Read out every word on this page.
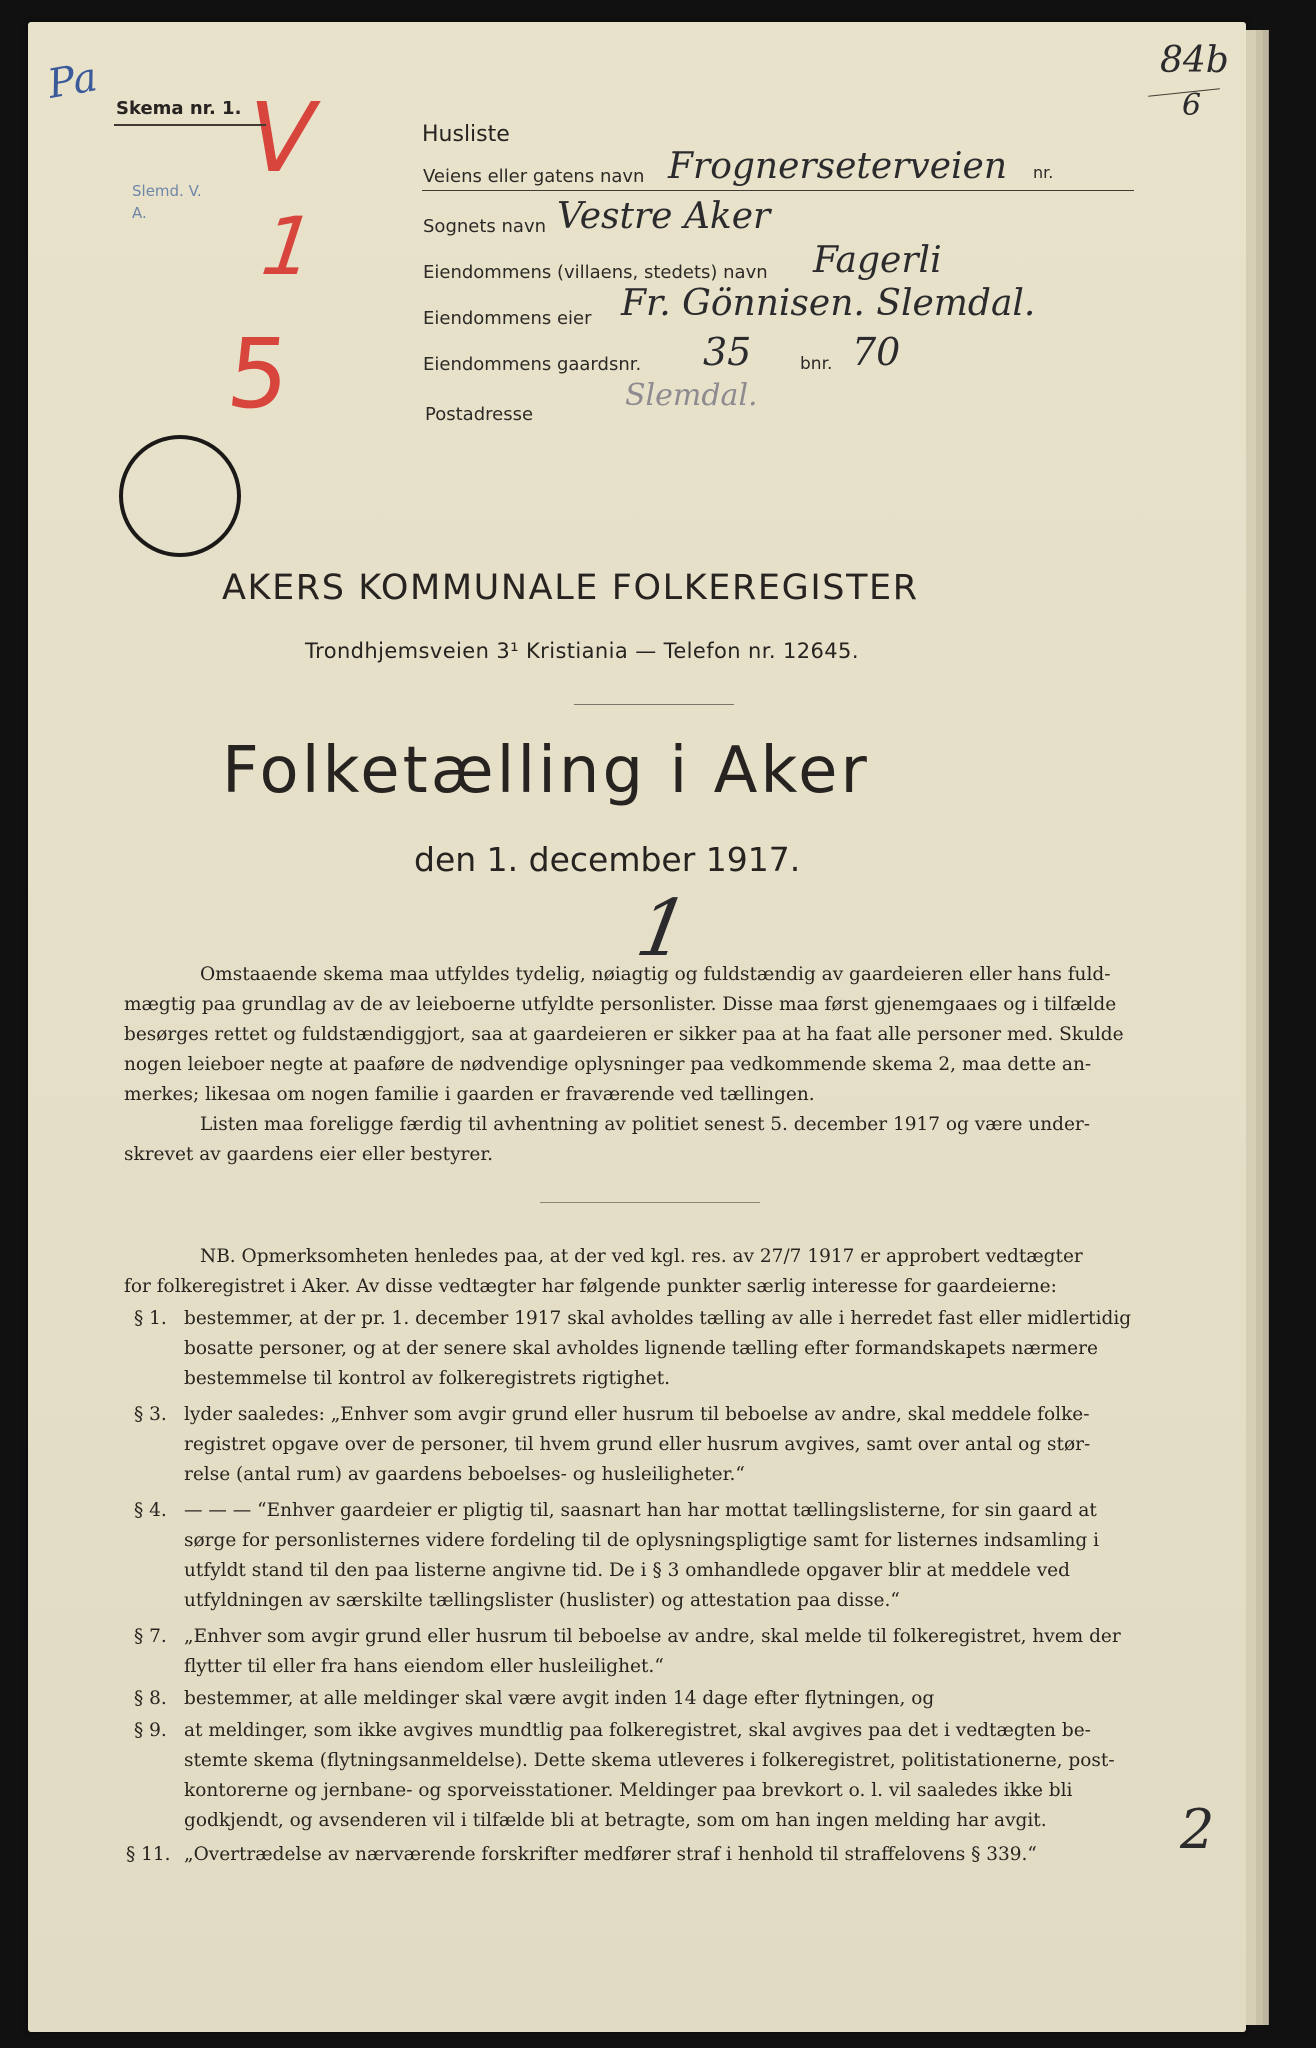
Pa
Slemd. V. A.
V
1
5
84b
6
Skema nr. 1.
Husliste
Veiens eller gatens navn Frognerseterveien nr.
Sognets navn Vestre Aker
Eiendommens (villaens, stedets) navn Fagerli
Eiendommens eier Fr. Gönnisen. Slemdal.
Eiendommens gaardsnr. 35	bnr. 70
Postadresse
Slemdal.
AKERS KOMMUNALE FOLKEREGISTER
Trondhjemsveien 3¹ Kristiania — Telefon nr. 12645.
Folketælling i Aker
den 1. december 1917.
1
Omstaaende skema maa utfyldes tydelig, nøiagtig og fuldstændig av gaardeieren eller hans fuld-
mægtig paa grundlag av de av leieboerne utfyldte personlister. Disse maa først gjenemgaaes og i tilfælde
besørges rettet og fuldstændiggjort, saa at gaardeieren er sikker paa at ha faat alle personer med. Skulde
nogen leieboer negte at paaføre de nødvendige oplysninger paa vedkommende skema 2, maa dette an-
merkes; likesaa om nogen familie i gaarden er fraværende ved tællingen.
Listen maa foreligge færdig til avhentning av politiet senest 5. december 1917 og være under-
skrevet av gaardens eier eller bestyrer.
NB. Opmerksomheten henledes paa, at der ved kgl. res. av 27/7 1917 er approbert vedtægter
for folkeregistret i Aker. Av disse vedtægter har følgende punkter særlig interesse for gaardeierne:
§ 1. bestemmer, at der pr. 1. december 1917 skal avholdes tælling av alle i herredet fast eller midlertidig
bosatte personer, og at der senere skal avholdes lignende tælling efter formandskapets nærmere
bestemmelse til kontrol av folkeregistrets rigtighet.
§ 3. lyder saaledes: „Enhver som avgir grund eller husrum til beboelse av andre, skal meddele folke-
registret opgave over de personer, til hvem grund eller husrum avgives, samt over antal og stør-
relse (antal rum) av gaardens beboelses- og husleiligheter.“
§ 4. — — — “Enhver gaardeier er pligtig til, saasnart han har mottat tællingslisterne, for sin gaard at
sørge for personlisternes videre fordeling til de oplysningspligtige samt for listernes indsamling i
utfyldt stand til den paa listerne angivne tid. De i § 3 omhandlede opgaver blir at meddele ved
utfyldningen av særskilte tællingslister (huslister) og attestation paa disse.“
§ 7. „Enhver som avgir grund eller husrum til beboelse av andre, skal melde til folkeregistret, hvem der
flytter til eller fra hans eiendom eller husleilighet.“
§ 8. bestemmer, at alle meldinger skal være avgit inden 14 dage efter flytningen, og
§ 9. at meldinger, som ikke avgives mundtlig paa folkeregistret, skal avgives paa det i vedtægten be-
stemte skema (flytningsanmeldelse). Dette skema utleveres i folkeregistret, politistationerne, post-
kontorerne og jernbane- og sporveisstationer. Meldinger paa brevkort o. l. vil saaledes ikke bli
godkjendt, og avsenderen vil i tilfælde bli at betragte, som om han ingen melding har avgit.
§ 11. „Overtrædelse av nærværende forskrifter medfører straf i henhold til straffelovens § 339.“	2
